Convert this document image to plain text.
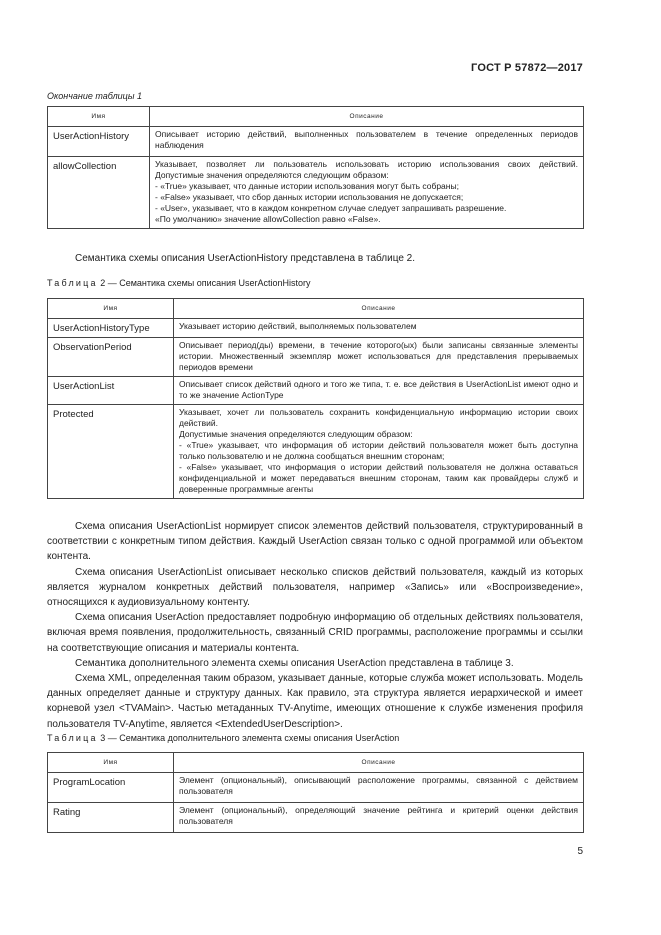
ГОСТ Р 57872—2017
Окончание таблицы 1
Имя	Описание
UserActionHistory	Описывает историю действий, выполненных пользователем в течение определенных периодов наблюдения
allowCollection	Указывает, позволяет ли пользователь использовать историю использования своих действий. Допустимые значения определяются следующим образом:
- «True» указывает, что данные истории использования могут быть собраны;
- «False» указывает, что сбор данных истории использования не допускается;
- «User», указывает, что в каждом конкретном случае следует запрашивать разрешение.
«По умолчанию» значение allowCollection равно «False».
Семантика схемы описания UserActionHistory представлена в таблице 2.
Таблица 2 — Семантика схемы описания UserActionHistory
Имя	Описание
UserActionHistoryType	Указывает историю действий, выполняемых пользователем
ObservationPeriod	Описывает период(ды) времени, в течение которого(ых) были записаны связанные элементы истории. Множественный экземпляр может использоваться для представления прерываемых периодов времени
UserActionList	Описывает список действий одного и того же типа, т. е. все действия в UserActionList имеют одно и то же значение ActionType
Protected	Указывает, хочет ли пользователь сохранить конфиденциальную информацию истории своих действий.
Допустимые значения определяются следующим образом:
- «True» указывает, что информация об истории действий пользователя может быть доступна только пользователю и не должна сообщаться внешним сторонам;
- «False» указывает, что информация о истории действий пользователя не должна оставаться конфиденциальной и может передаваться внешним сторонам, таким как провайдеры служб и доверенные программные агенты

Схема описания UserActionList нормирует список элементов действий пользователя, структурированный в соответствии с конкретным типом действия. Каждый UserAction связан только с одной программой или объектом контента.

Схема описания UserActionList описывает несколько списков действий пользователя, каждый из которых является журналом конкретных действий пользователя, например «Запись» или «Воспроизведение», относящихся к аудиовизуальному контенту.

Схема описания UserAction предоставляет подробную информацию об отдельных действиях пользователя, включая время появления, продолжительность, связанный CRID программы, расположение программы и ссылки на соответствующие описания и материалы контента.

Семантика дополнительного элемента схемы описания UserAction представлена в таблице 3.

Схема XML, определенная таким образом, указывает данные, которые служба может использовать. Модель данных определяет данные и структуру данных. Как правило, эта структура является иерархической и имеет корневой узел <TVAMain>. Частью метаданных TV-Anytime, имеющих отношение к службе изменения профиля пользователя TV-Anytime, является <ExtendedUserDescription>.

Таблица 3 — Семантика дополнительного элемента схемы описания UserAction
Имя	Описание
ProgramLocation	Элемент (опциональный), описывающий расположение программы, связанной с действием пользователя
Rating	Элемент (опциональный), определяющий значение рейтинга и критерий оценки действия пользователя
5
